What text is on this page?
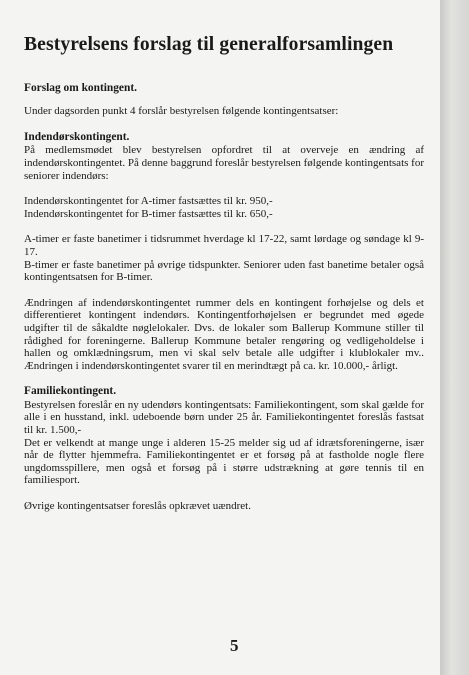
Bestyrelsens forslag til generalforsamlingen
Forslag om kontingent.
Under dagsorden punkt 4 forslår bestyrelsen følgende kontingentsatser:
Indendørskontingent.
På medlemsmødet blev bestyrelsen opfordret til at overveje en ændring af indendørskontingentet. På denne baggrund foreslår bestyrelsen følgende kontingentsats for seniorer indendørs:
Indendørskontingentet for A-timer fastsættes til kr. 950,-
Indendørskontingentet for B-timer fastsættes til kr. 650,-
A-timer er faste banetimer i tidsrummet hverdage kl 17-22, samt lørdage og søndage kl 9-17.
B-timer er faste banetimer på øvrige tidspunkter. Seniorer uden fast banetime betaler også kontingentsatsen for B-timer.
Ændringen af indendørskontingentet rummer dels en kontingent forhøjelse og dels et differentieret kontingent indendørs. Kontingentforhøjelsen er begrundet med øgede udgifter til de såkaldte nøglelokaler. Dvs. de lokaler som Ballerup Kommune stiller til rådighed for foreningerne. Ballerup Kommune betaler rengøring og vedligeholdelse i hallen og omklædningsrum, men vi skal selv betale alle udgifter i klublokaler mv.. Ændringen i indendørskontingentet svarer til en merindtægt på ca. kr. 10.000,- årligt.
Familiekontingent.
Bestyrelsen foreslår en ny udendørs kontingentsats: Familiekontingent, som skal gælde for alle i en husstand, inkl. udeboende børn under 25 år. Familiekontingentet foreslås fastsat til kr. 1.500,-
Det er velkendt at mange unge i alderen 15-25 melder sig ud af idrætsforeningerne, især når de flytter hjemmefra. Familiekontingentet er et forsøg på at fastholde nogle flere ungdomsspillere, men også et forsøg på i større udstrækning at gøre tennis til en familiesport.
Øvrige kontingentsatser foreslås opkrævet uændret.
5
